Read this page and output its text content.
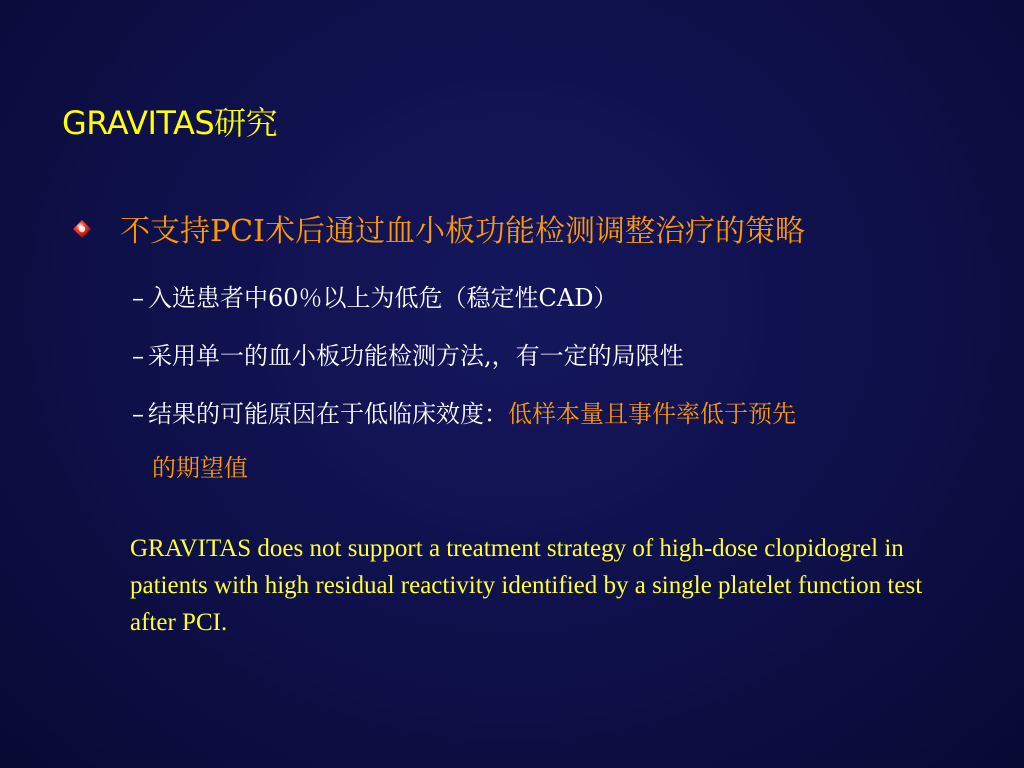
GRAVITAS研究
不支持PCI术后通过血小板功能检测调整治疗的策略
– 入选患者中60％以上为低危（稳定性CAD）
– 采用单一的血小板功能检测方法,，有一定的局限性
– 结果的可能原因在于低临床效度：低样本量且事件率低于预先
的期望值
GRAVITAS does not support a treatment strategy of high-dose clopidogrel in patients with high residual reactivity identified by a single platelet function test after PCI.
